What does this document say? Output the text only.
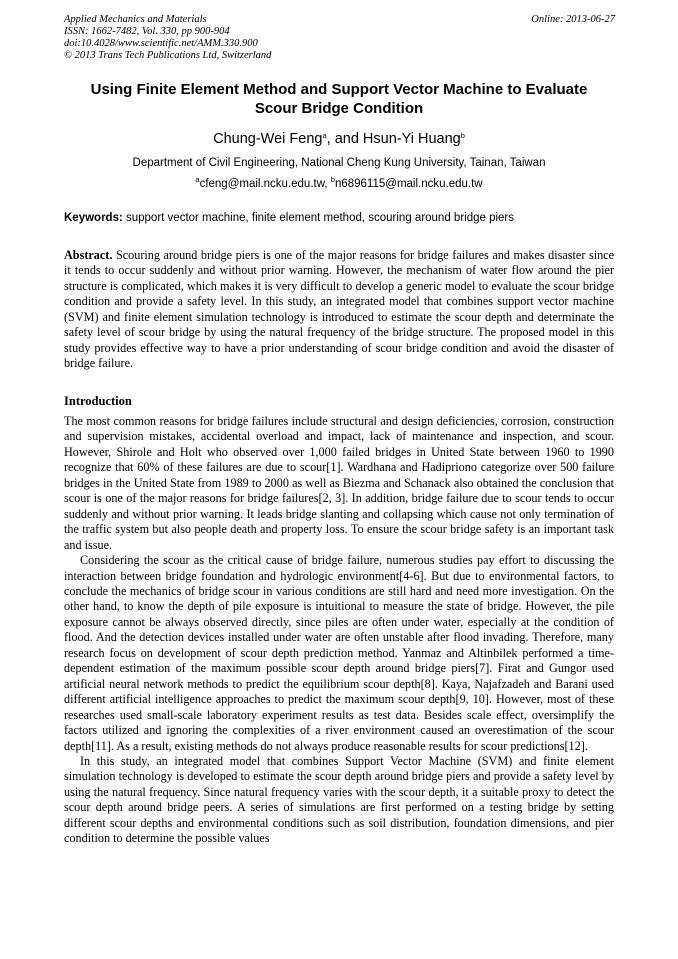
Applied Mechanics and Materials
ISSN: 1662-7482, Vol. 330, pp 900-904
doi:10.4028/www.scientific.net/AMM.330.900
© 2013 Trans Tech Publications Ltd, Switzerland
Online: 2013-06-27
Using Finite Element Method and Support Vector Machine to Evaluate
Scour Bridge Condition
Chung-Wei Feng$^a$, and Hsun-Yi Huang$^b$
Department of Civil Engineering, National Cheng Kung University, Tainan, Taiwan
$^a$cfeng@mail.ncku.edu.tw, $^b$n6896115@mail.ncku.edu.tw
Keywords: support vector machine, finite element method, scouring around bridge piers
Abstract. Scouring around bridge piers is one of the major reasons for bridge failures and makes disaster since it tends to occur suddenly and without prior warning. However, the mechanism of water flow around the pier structure is complicated, which makes it is very difficult to develop a generic model to evaluate the scour bridge condition and provide a safety level. In this study, an integrated model that combines support vector machine (SVM) and finite element simulation technology is introduced to estimate the scour depth and determinate the safety level of scour bridge by using the natural frequency of the bridge structure. The proposed model in this study provides effective way to have a prior understanding of scour bridge condition and avoid the disaster of bridge failure.
Introduction

The most common reasons for bridge failures include structural and design deficiencies, corrosion, construction and supervision mistakes, accidental overload and impact, lack of maintenance and inspection, and scour. However, Shirole and Holt who observed over 1,000 failed bridges in United State between 1960 to 1990 recognize that 60% of these failures are due to scour[1]. Wardhana and Hadipriono categorize over 500 failure bridges in the United State from 1989 to 2000 as well as Biezma and Schanack also obtained the conclusion that scour is one of the major reasons for bridge failures[2, 3]. In addition, bridge failure due to scour tends to occur suddenly and without prior warning. It leads bridge slanting and collapsing which cause not only termination of the traffic system but also people death and property loss. To ensure the scour bridge safety is an important task and issue.

Considering the scour as the critical cause of bridge failure, numerous studies pay effort to discussing the interaction between bridge foundation and hydrologic environment[4-6]. But due to environmental factors, to conclude the mechanics of bridge scour in various conditions are still hard and need more investigation. On the other hand, to know the depth of pile exposure is intuitional to measure the state of bridge. However, the pile exposure cannot be always observed directly, since piles are often under water, especially at the condition of flood. And the detection devices installed under water are often unstable after flood invading. Therefore, many research focus on development of scour depth prediction method. Yanmaz and Altinbilek performed a time-dependent estimation of the maximum possible scour depth around bridge piers[7]. Firat and Gungor used artificial neural network methods to predict the equilibrium scour depth[8]. Kaya, Najafzadeh and Barani used different artificial intelligence approaches to predict the maximum scour depth[9, 10]. However, most of these researches used small-scale laboratory experiment results as test data. Besides scale effect, oversimplify the factors utilized and ignoring the complexities of a river environment caused an overestimation of the scour depth[11]. As a result, existing methods do not always produce reasonable results for scour predictions[12].

In this study, an integrated model that combines Support Vector Machine (SVM) and finite element simulation technology is developed to estimate the scour depth around bridge piers and provide a safety level by using the natural frequency. Since natural frequency varies with the scour depth, it a suitable proxy to detect the scour depth around bridge peers. A series of simulations are first performed on a testing bridge by setting different scour depths and environmental conditions such as soil distribution, foundation dimensions, and pier condition to determine the possible values
